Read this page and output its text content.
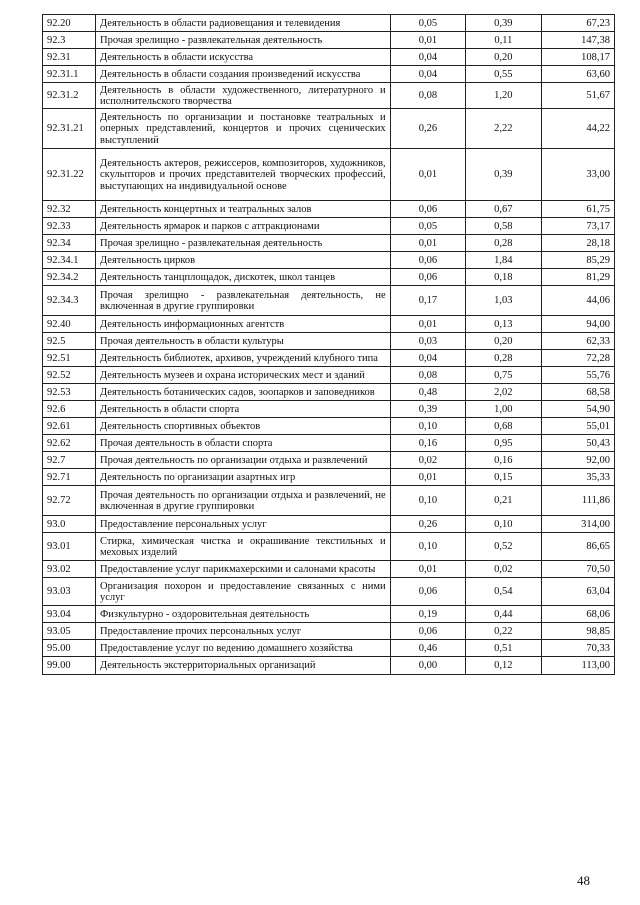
92.20	Деятельность в области радиовещания и телевидения	0,05	0,39	67,23
92.3	Прочая зрелищно - развлекательная деятельность	0,01	0,11	147,38
92.31	Деятельность в области искусства	0,04	0,20	108,17
92.31.1	Деятельность в области создания произведений искусства	0,04	0,55	63,60
92.31.2	Деятельность в области художественного, литературного и исполнительского творчества	0,08	1,20	51,67
92.31.21	Деятельность по организации и постановке театральных и оперных представлений, концертов и прочих сценических выступлений	0,26	2,22	44,22
92.31.22	Деятельность актеров, режиссеров, композиторов, художников, скульпторов и прочих представителей творческих профессий, выступающих на индивидуальной основе	0,01	0,39	33,00
92.32	Деятельность концертных и театральных залов	0,06	0,67	61,75
92.33	Деятельность ярмарок и парков с аттракционами	0,05	0,58	73,17
92.34	Прочая зрелищно - развлекательная деятельность	0,01	0,28	28,18
92.34.1	Деятельность цирков	0,06	1,84	85,29
92.34.2	Деятельность танцплощадок, дискотек, школ танцев	0,06	0,18	81,29
92.34.3	Прочая зрелищно - развлекательная деятельность, не включенная в другие группировки	0,17	1,03	44,06
92.40	Деятельность информационных агентств	0,01	0,13	94,00
92.5	Прочая деятельность в области культуры	0,03	0,20	62,33
92.51	Деятельность библиотек, архивов, учреждений клубного типа	0,04	0,28	72,28
92.52	Деятельность музеев и охрана исторических мест и зданий	0,08	0,75	55,76
92.53	Деятельность ботанических садов, зоопарков и заповедников	0,48	2,02	68,58
92.6	Деятельность в области спорта	0,39	1,00	54,90
92.61	Деятельность спортивных объектов	0,10	0,68	55,01
92.62	Прочая деятельность в области спорта	0,16	0,95	50,43
92.7	Прочая деятельность по организации отдыха и развлечений	0,02	0,16	92,00
92.71	Деятельность по организации азартных игр	0,01	0,15	35,33
92.72	Прочая деятельность по организации отдыха и развлечений, не включенная в другие группировки	0,10	0,21	111,86
93.0	Предоставление персональных услуг	0,26	0,10	314,00
93.01	Стирка, химическая чистка и окрашивание текстильных и меховых изделий	0,10	0,52	86,65
93.02	Предоставление услуг парикмахерскими и салонами красоты	0,01	0,02	70,50
93.03	Организация похорон и предоставление связанных с ними услуг	0,06	0,54	63,04
93.04	Физкультурно - оздоровительная деятельность	0,19	0,44	68,06
93.05	Предоставление прочих персональных услуг	0,06	0,22	98,85
95.00	Предоставление услуг по ведению домашнего хозяйства	0,46	0,51	70,33
99.00	Деятельность экстерриториальных организаций	0,00	0,12	113,00
48
